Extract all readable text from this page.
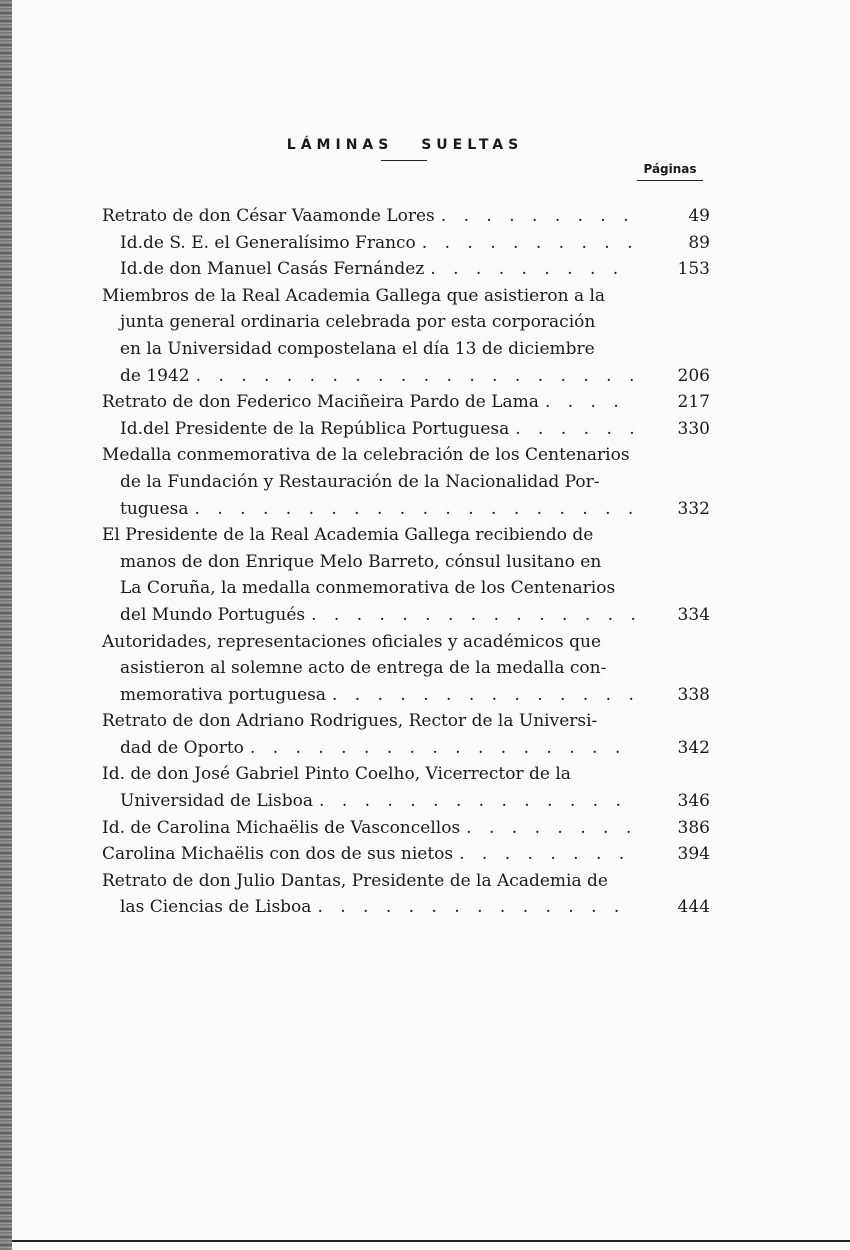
LÁMINAS SUELTAS
Páginas
Retrato de don César Vaamonde Lores . . .	49
Id. de S. E. el Generalísimo Franco . . .	89
Id. de don Manuel Casás Fernández . . .	153
Miembros de la Real Academia Gallega que asistieron a la
junta general ordinaria celebrada por esta corporación
en la Universidad compostelana el día 13 de diciembre
de 1942 . . .	206
Retrato de don Federico Maciñeira Pardo de Lama . . .	217
Id. del Presidente de la República Portuguesa . . .	330
Medalla conmemorativa de la celebración de los Centenarios
de la Fundación y Restauración de la Nacionalidad Por-
tuguesa . . .	332
El Presidente de la Real Academia Gallega recibiendo de
manos de don Enrique Melo Barreto, cónsul lusitano en
La Coruña, la medalla conmemorativa de los Centenarios
del Mundo Portugués . . .	334
Autoridades, representaciones oficiales y académicos que
asistieron al solemne acto de entrega de la medalla con-
memorativa portuguesa . . .	338
Retrato de don Adriano Rodrigues, Rector de la Universi-
dad de Oporto . . .	342
Id. de don José Gabriel Pinto Coelho, Vicerrector de la
Universidad de Lisboa . . .	346
Id. de Carolina Michaëlis de Vasconcellos . . .	386
Carolina Michaëlis con dos de sus nietos . . .	394
Retrato de don Julio Dantas, Presidente de la Academia de
las Ciencias de Lisboa . . .	444
